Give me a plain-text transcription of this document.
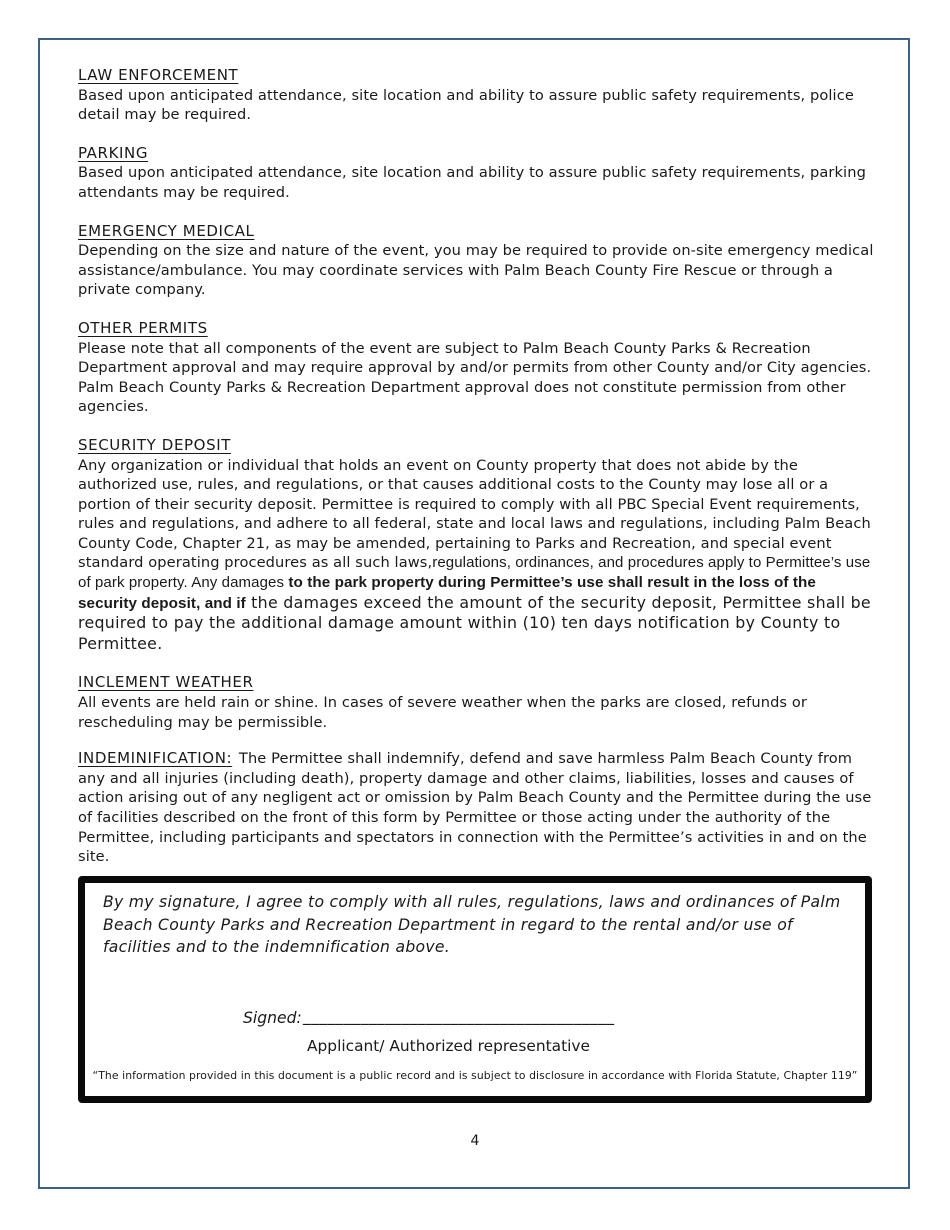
LAW ENFORCEMENT
Based upon anticipated attendance, site location and ability to assure public safety requirements, police detail may be required.
PARKING
Based upon anticipated attendance, site location and ability to assure public safety requirements, parking attendants may be required.
EMERGENCY MEDICAL
Depending on the size and nature of the event, you may be required to provide on-site emergency medical assistance/ambulance. You may coordinate services with Palm Beach County Fire Rescue or through a private company.
OTHER PERMITS
Please note that all components of the event are subject to Palm Beach County Parks & Recreation Department approval and may require approval by and/or permits from other County and/or City agencies. Palm Beach County Parks & Recreation Department approval does not constitute permission from other agencies.
SECURITY DEPOSIT
Any organization or individual that holds an event on County property that does not abide by the authorized use, rules, and regulations, or that causes additional costs to the County may lose all or a portion of their security deposit. Permittee is required to comply with all PBC Special Event requirements, rules and regulations, and adhere to all federal, state and local laws and regulations, including Palm Beach County Code, Chapter 21, as may be amended, pertaining to Parks and Recreation, and special event standard operating procedures as all such laws,regulations, ordinances, and procedures apply to Permittee’s use of park property. Any damages to the park property during Permittee’s use shall result in the loss of the security deposit, and if the damages exceed the amount of the security deposit, Permittee shall be required to pay the additional damage amount within (10) ten days notification by County to Permittee.
INCLEMENT WEATHER
All events are held rain or shine. In cases of severe weather when the parks are closed, refunds or rescheduling may be permissible.
INDEMINIFICATION: The Permittee shall indemnify, defend and save harmless Palm Beach County from any and all injuries (including death), property damage and other claims, liabilities, losses and causes of action arising out of any negligent act or omission by Palm Beach County and the Permittee during the use of facilities described on the front of this form by Permittee or those acting under the authority of the Permittee, including participants and spectators in connection with the Permittee’s activities in and on the site.
By my signature, I agree to comply with all rules, regulations, laws and ordinances of Palm Beach County Parks and Recreation Department in regard to the rental and/or use of facilities and to the indemnification above.
Signed: ______________________________________
Applicant/ Authorized representative
“The information provided in this document is a public record and is subject to disclosure in accordance with Florida Statute, Chapter 119”
4
